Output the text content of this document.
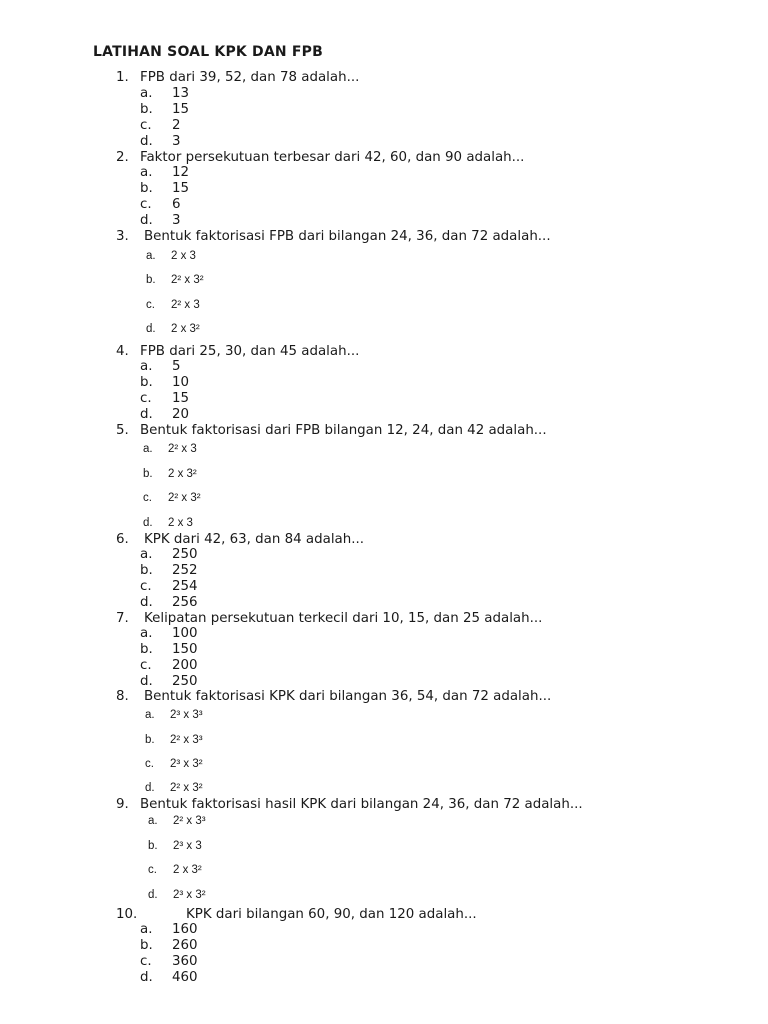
LATIHAN SOAL KPK DAN FPB
1. FPB dari 39, 52, dan 78 adalah...
a. 13
b. 15
c. 2
d. 3
2. Faktor persekutuan terbesar dari 42, 60, dan 90 adalah...
a. 12
b. 15
c. 6
d. 3
3. Bentuk faktorisasi FPB dari bilangan 24, 36, dan 72 adalah...
a. 2 x 3
b. 2² x 3²
c. 2² x 3
d. 2 x 3²
4. FPB dari 25, 30, dan 45 adalah...
a. 5
b. 10
c. 15
d. 20
5. Bentuk faktorisasi dari FPB bilangan 12, 24, dan 42 adalah...
a. 2² x 3
b. 2 x 3²
c. 2² x 3²
d. 2 x 3
6. KPK dari 42, 63, dan 84 adalah...
a. 250
b. 252
c. 254
d. 256
7. Kelipatan persekutuan terkecil dari 10, 15, dan 25 adalah...
a. 100
b. 150
c. 200
d. 250
8. Bentuk faktorisasi KPK dari bilangan 36, 54, dan 72 adalah...
a. 2³ x 3³
b. 2² x 3³
c. 2³ x 3²
d. 2² x 3²
9. Bentuk faktorisasi hasil KPK dari bilangan 24, 36, dan 72 adalah...
a. 2² x 3³
b. 2³ x 3
c. 2 x 3²
d. 2³ x 3²
10.	KPK dari bilangan 60, 90, dan 120 adalah...
a. 160
b. 260
c. 360
d. 460
